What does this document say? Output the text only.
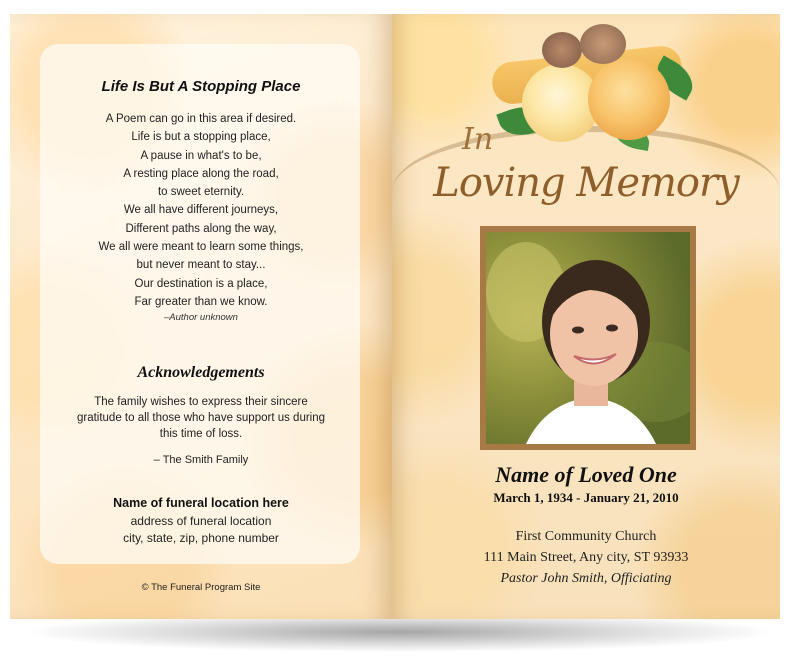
Life Is But A Stopping Place
A Poem can go in this area if desired.
Life is but a stopping place,
A pause in what's to be,
A resting place along the road,
to sweet eternity.
We all have different journeys,
Different paths along the way,
We all were meant to learn some things,
but never meant to stay...
Our destination is a place,
Far greater than we know.
–Author unknown
Acknowledgements
The family wishes to express their sincere
gratitude to all those who have support us during
this time of loss.
– The Smith Family
Name of funeral location here
address of funeral location
city, state, zip, phone number
© The Funeral Program Site
In
Loving Memory
Name of Loved One
March 1, 1934 - January 21, 2010
First Community Church
111 Main Street, Any city, ST 93933
Pastor John Smith, Officiating
